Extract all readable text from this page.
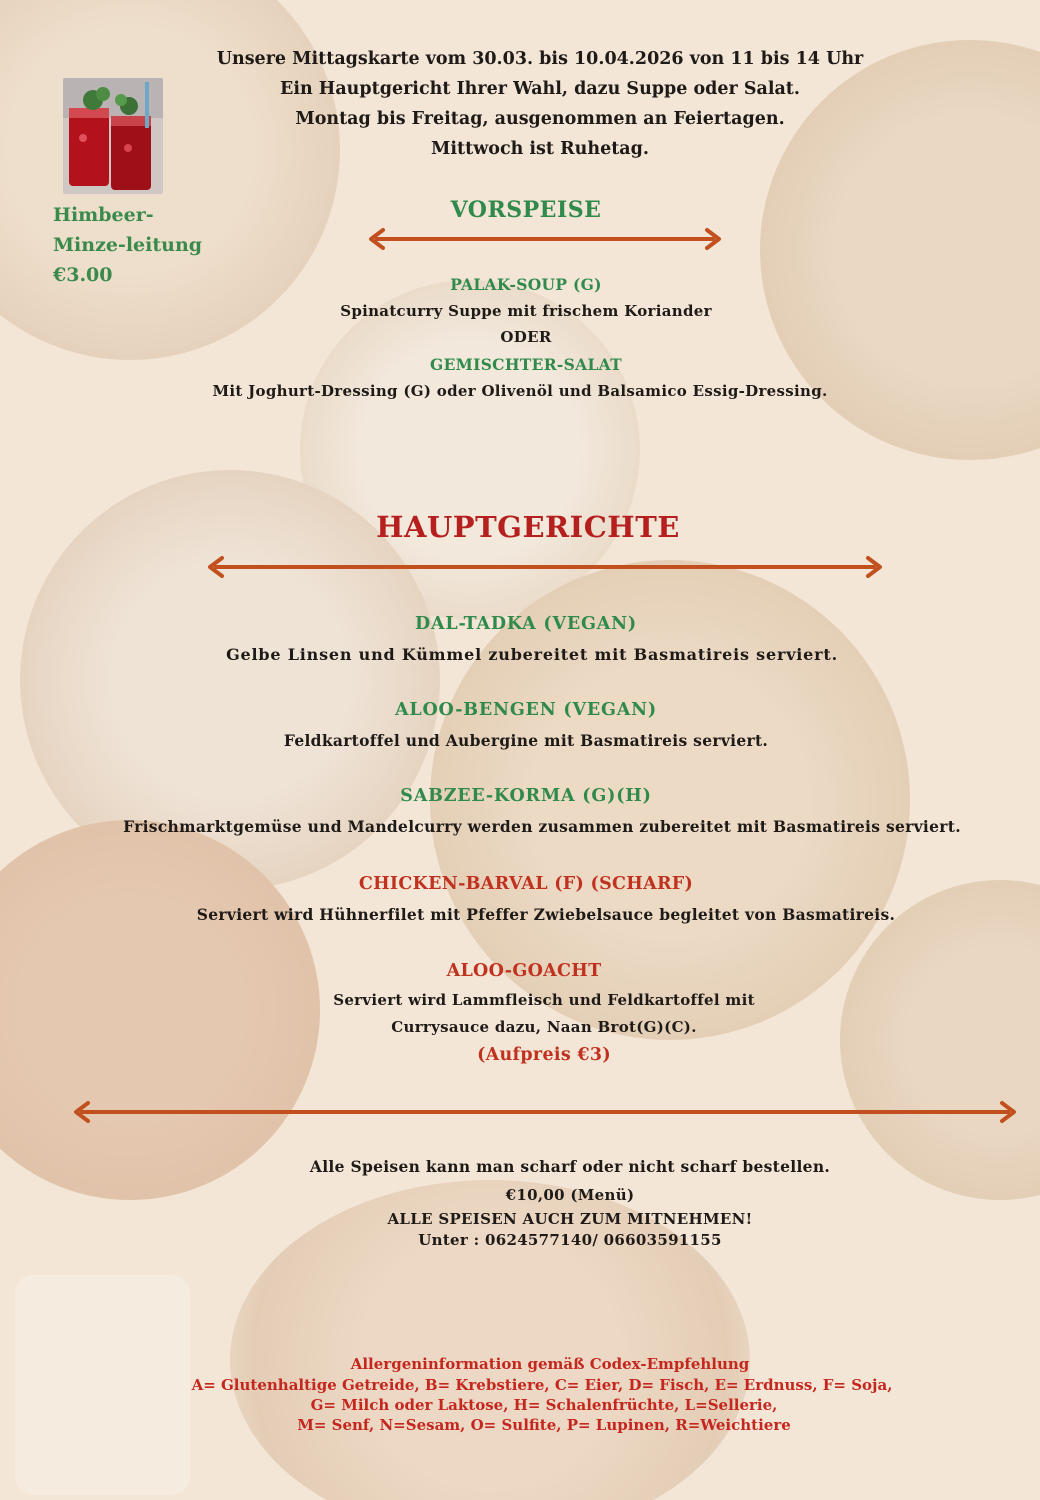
Unsere Mittagskarte vom 30.03. bis 10.04.2026 von 11 bis 14 Uhr
Ein Hauptgericht Ihrer Wahl, dazu Suppe oder Salat.
Montag bis Freitag, ausgenommen an Feiertagen.
Mittwoch ist Ruhetag.
Himbeer-
Minze-leitung
€3.00
VORSPEISE
PALAK-SOUP (G)
Spinatcurry Suppe mit frischem Koriander
ODER
GEMISCHTER-SALAT
Mit Joghurt-Dressing (G) oder Olivenöl und Balsamico Essig-Dressing.
HAUPTGERICHTE
DAL-TADKA (VEGAN)
Gelbe Linsen und Kümmel zubereitet mit Basmatireis serviert.
ALOO-BENGEN (VEGAN)
Feldkartoffel und Aubergine mit Basmatireis serviert.
SABZEE-KORMA (G)(H)
Frischmarktgemüse und Mandelcurry werden zusammen zubereitet mit Basmatireis serviert.
CHICKEN-BARVAL (F) (SCHARF)
Serviert wird Hühnerfilet mit Pfeffer Zwiebelsauce begleitet von Basmatireis.
ALOO-GOACHT
Serviert wird Lammfleisch und Feldkartoffel mit
Currysauce dazu, Naan Brot(G)(C).
(Aufpreis €3)
Alle Speisen kann man scharf oder nicht scharf bestellen.
€10,00 (Menü)
ALLE SPEISEN AUCH ZUM MITNEHMEN!
Unter : 0624577140/ 06603591155
Allergeninformation gemäß Codex-Empfehlung
A= Glutenhaltige Getreide, B= Krebstiere, C= Eier, D= Fisch, E= Erdnuss, F= Soja,
G= Milch oder Laktose, H= Schalenfrüchte, L=Sellerie,
M= Senf, N=Sesam, O= Sulfite, P= Lupinen, R=Weichtiere
